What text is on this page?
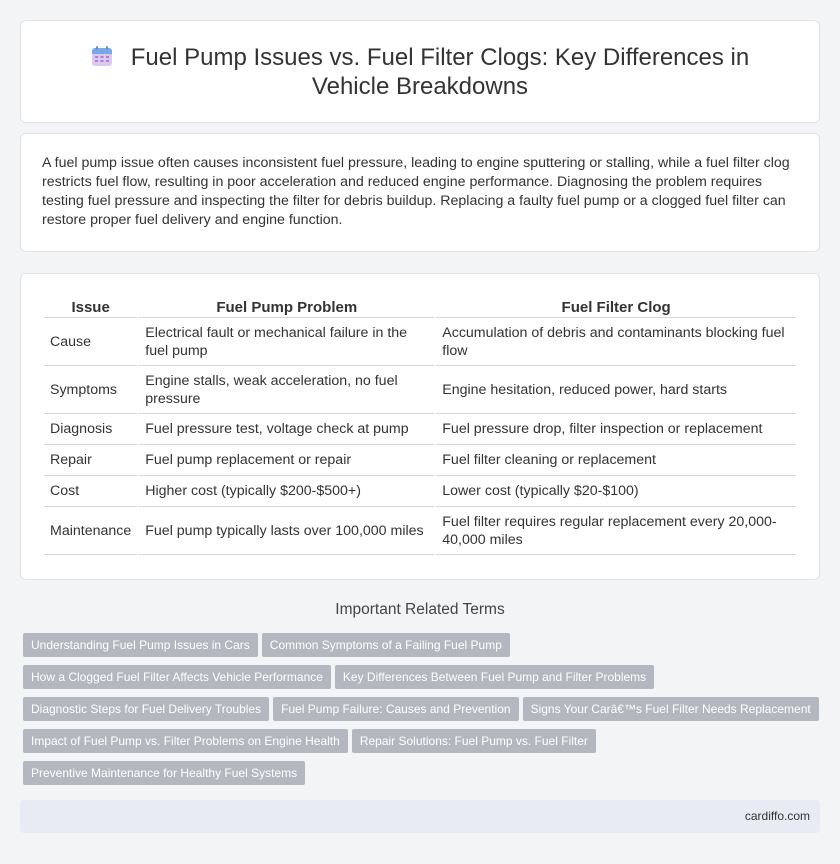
Fuel Pump Issues vs. Fuel Filter Clogs: Key Differences in Vehicle Breakdowns

A fuel pump issue often causes inconsistent fuel pressure, leading to engine sputtering or stalling, while a fuel filter clog restricts fuel flow, resulting in poor acceleration and reduced engine performance. Diagnosing the problem requires testing fuel pressure and inspecting the filter for debris buildup. Replacing a faulty fuel pump or a clogged fuel filter can restore proper fuel delivery and engine function.

Issue	Fuel Pump Problem	Fuel Filter Clog
Cause	Electrical fault or mechanical failure in the fuel pump	Accumulation of debris and contaminants blocking fuel flow
Symptoms	Engine stalls, weak acceleration, no fuel pressure	Engine hesitation, reduced power, hard starts
Diagnosis	Fuel pressure test, voltage check at pump	Fuel pressure drop, filter inspection or replacement
Repair	Fuel pump replacement or repair	Fuel filter cleaning or replacement
Cost	Higher cost (typically $200-$500+)	Lower cost (typically $20-$100)
Maintenance	Fuel pump typically lasts over 100,000 miles	Fuel filter requires regular replacement every 20,000-40,000 miles
Important Related Terms
Understanding Fuel Pump Issues in Cars Common Symptoms of a Failing Fuel Pump
How a Clogged Fuel Filter Affects Vehicle Performance Key Differences Between Fuel Pump and Filter Problems
Diagnostic Steps for Fuel Delivery Troubles Fuel Pump Failure: Causes and Prevention Signs Your Carâ€™s Fuel Filter Needs Replacement
Impact of Fuel Pump vs. Filter Problems on Engine Health Repair Solutions: Fuel Pump vs. Fuel Filter
Preventive Maintenance for Healthy Fuel Systems
cardiffo.com
